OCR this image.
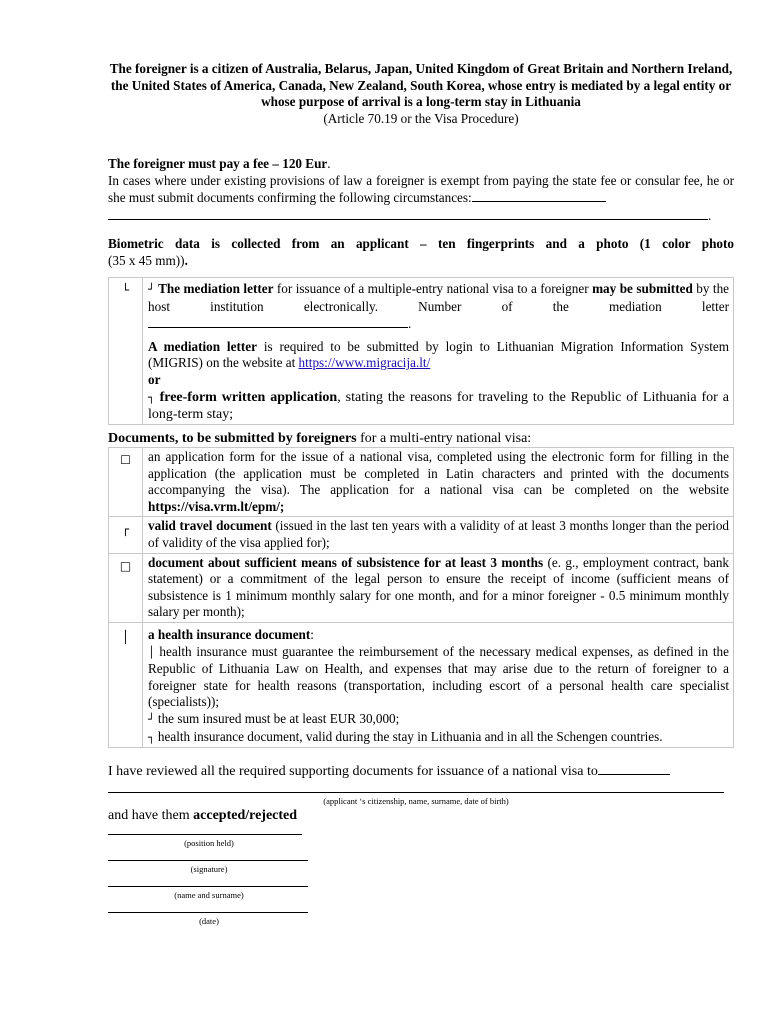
The foreigner is a citizen of Australia, Belarus, Japan, United Kingdom of Great Britain and Northern Ireland, the United States of America, Canada, New Zealand, South Korea, whose entry is mediated by a legal entity or whose purpose of arrival is a long-term stay in Lithuania
(Article 70.19 or the Visa Procedure)
The foreigner must pay a fee – 120 Eur.
In cases where under existing provisions of law a foreigner is exempt from paying the state fee or consular fee, he or she must submit documents confirming the following circumstances:
.
Biometric data is collected from an applicant – ten fingerprints and a photo (1 color photo
(35 x 45 mm)).
└	┘ The mediation letter for issuance of a multiple-entry national visa to a foreigner may be submitted by the host institution electronically. Number of the mediation letter.
A mediation letter is required to be submitted by login to Lithuanian Migration Information System (MIGRIS) on the website at https://www.migracija.lt/
or
┐ free-form written application, stating the reasons for traveling to the Republic of Lithuania for a long-term stay;
Documents, to be submitted by foreigners for a multi-entry national visa:
☐	an application form for the issue of a national visa, completed using the electronic form for filling in the application (the application must be completed in Latin characters and printed with the documents accompanying the visa). The application for a national visa can be completed on the website https://visa.vrm.lt/epm/;
┌	valid travel document (issued in the last ten years with a validity of at least 3 months longer than the period of validity of the visa applied for);
□	document about sufficient means of subsistence for at least 3 months (e. g., employment contract, bank statement) or a commitment of the legal person to ensure the receipt of income (sufficient means of subsistence is 1 minimum monthly salary for one month, and for a minor foreigner - 0.5 minimum monthly salary per month);
│	a health insurance document:
│ health insurance must guarantee the reimbursement of the necessary medical expenses, as defined in the Republic of Lithuania Law on Health, and expenses that may arise due to the return of foreigner to a foreigner state for health reasons (transportation, including escort of a personal health care specialist (specialists));
┘ the sum insured must be at least EUR 30,000;
┐ health insurance document, valid during the stay in Lithuania and in all the Schengen countries.
I have reviewed all the required supporting documents for issuance of a national visa to
(applicant ‘s citizenship, name, surname, date of birth)
and have them accepted/rejected
(position held)
(signature)
(name and surname)
(date)
